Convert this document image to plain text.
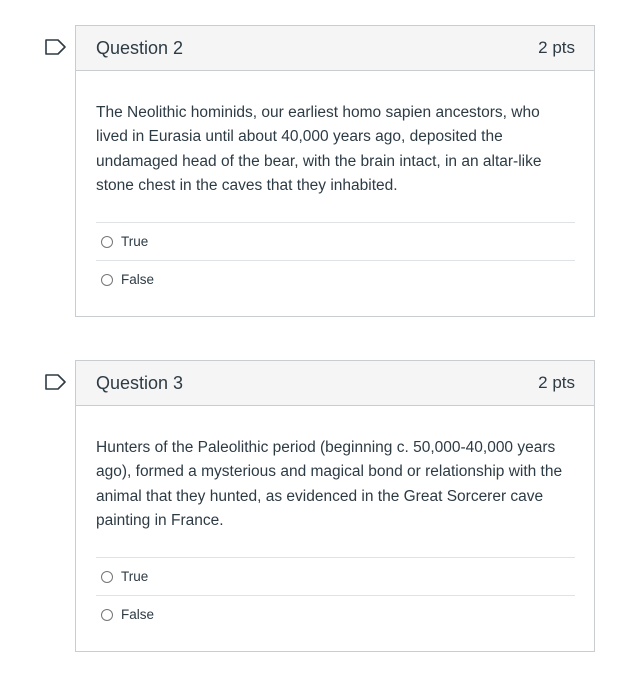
Question 2	2 pts
The Neolithic hominids, our earliest homo sapien ancestors, who lived in Eurasia until about 40,000 years ago, deposited the undamaged head of the bear, with the brain intact, in an altar-like stone chest in the caves that they inhabited.
True
False
Question 3	2 pts
Hunters of the Paleolithic period (beginning c. 50,000-40,000 years ago), formed a mysterious and magical bond or relationship with the animal that they hunted, as evidenced in the Great Sorcerer cave painting in France.
True
False
